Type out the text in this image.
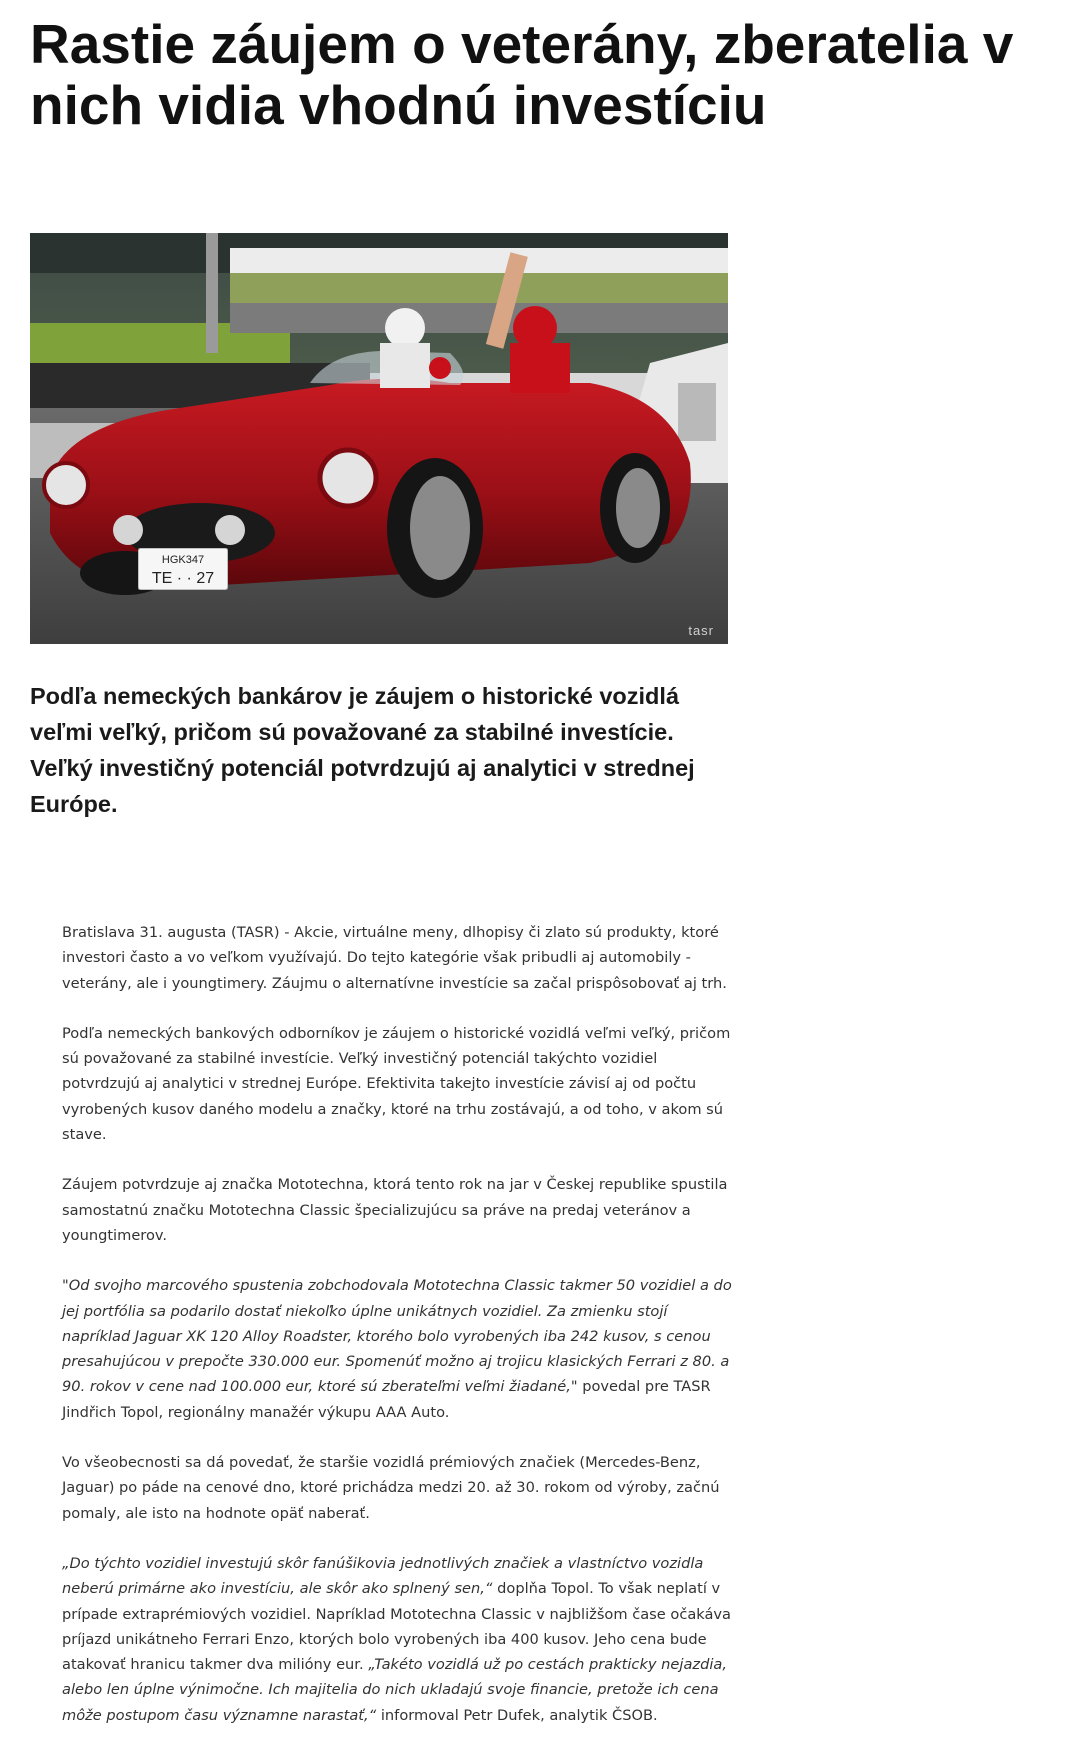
Rastie záujem o veterány, zberatelia v nich vidia vhodnú investíciu
HGK347
TE · · 27
tasr

Podľa nemeckých bankárov je záujem o historické vozidlá veľmi veľký, pričom sú považované za stabilné investície. Veľký investičný potenciál potvrdzujú aj analytici v strednej Európe.

Bratislava 31. augusta (TASR) - Akcie, virtuálne meny, dlhopisy či zlato sú produkty, ktoré investori často a vo veľkom využívajú. Do tejto kategórie však pribudli aj automobily - veterány, ale i youngtimery. Záujmu o alternatívne investície sa začal prispôsobovať aj trh.

Podľa nemeckých bankových odborníkov je záujem o historické vozidlá veľmi veľký, pričom sú považované za stabilné investície. Veľký investičný potenciál takýchto vozidiel potvrdzujú aj analytici v strednej Európe. Efektivita takejto investície závisí aj od počtu vyrobených kusov daného modelu a značky, ktoré na trhu zostávajú, a od toho, v akom sú stave.

Záujem potvrdzuje aj značka Mototechna, ktorá tento rok na jar v Českej republike spustila samostatnú značku Mototechna Classic špecializujúcu sa práve na predaj veteránov a youngtimerov.

"Od svojho marcového spustenia zobchodovala Mototechna Classic takmer 50 vozidiel a do jej portfólia sa podarilo dostať niekoľko úplne unikátnych vozidiel. Za zmienku stojí napríklad Jaguar XK 120 Alloy Roadster, ktorého bolo vyrobených iba 242 kusov, s cenou presahujúcou v prepočte 330.000 eur. Spomenúť možno aj trojicu klasických Ferrari z 80. a 90. rokov v cene nad 100.000 eur, ktoré sú zberateľmi veľmi žiadané," povedal pre TASR Jindřich Topol, regionálny manažér výkupu AAA Auto.

Vo všeobecnosti sa dá povedať, že staršie vozidlá prémiových značiek (Mercedes-Benz, Jaguar) po páde na cenové dno, ktoré prichádza medzi 20. až 30. rokom od výroby, začnú pomaly, ale isto na hodnote opäť naberať.

„Do týchto vozidiel investujú skôr fanúšikovia jednotlivých značiek a vlastníctvo vozidla neberú primárne ako investíciu, ale skôr ako splnený sen,“ doplňa Topol. To však neplatí v prípade extraprémiových vozidiel. Napríklad Mototechna Classic v najbližšom čase očakáva príjazd unikátneho Ferrari Enzo, ktorých bolo vyrobených iba 400 kusov. Jeho cena bude atakovať hranicu takmer dva milióny eur. „Takéto vozidlá už po cestách prakticky nejazdia, alebo len úplne výnimočne. Ich majitelia do nich ukladajú svoje financie, pretože ich cena môže postupom času významne narastať,“ informoval Petr Dufek, analytik ČSOB.
